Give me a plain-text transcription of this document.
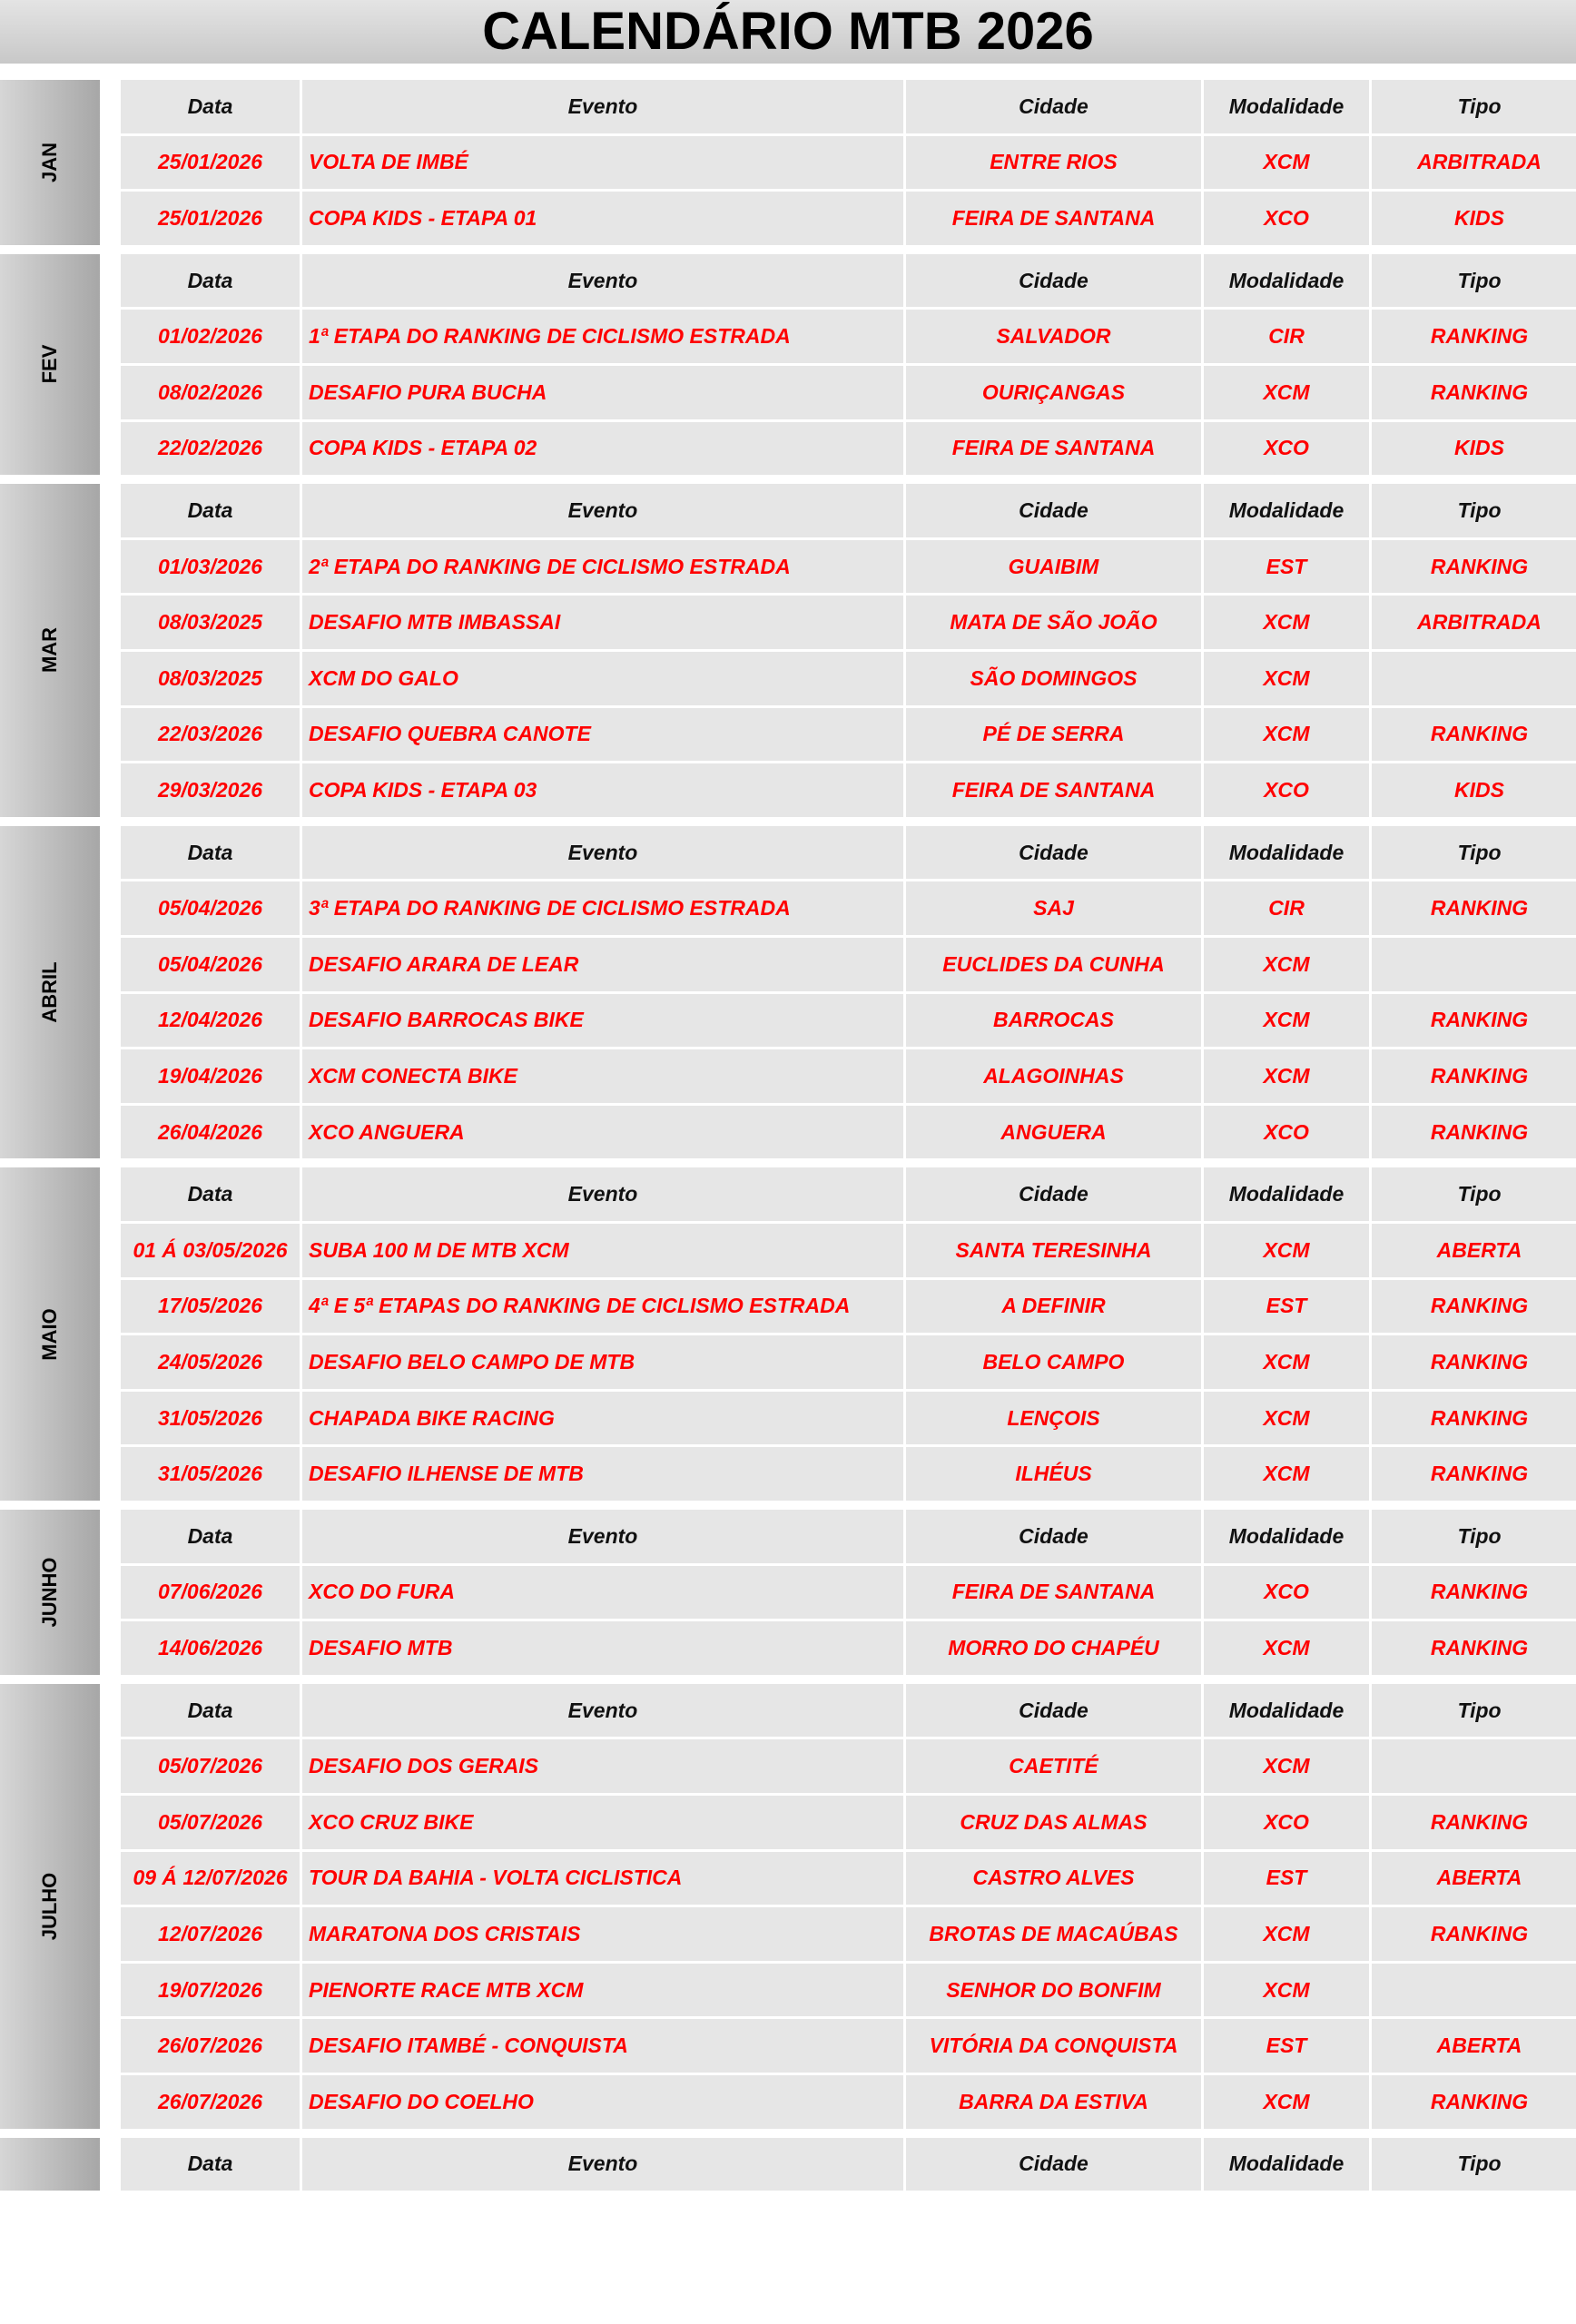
CALENDÁRIO MTB 2026
JAN
Data	Evento	Cidade	Modalidade	Tipo
25/01/2026	VOLTA DE IMBÉ	ENTRE RIOS	XCM	ARBITRADA
25/01/2026	COPA KIDS - ETAPA 01	FEIRA DE SANTANA	XCO	KIDS
FEV
Data	Evento	Cidade	Modalidade	Tipo
01/02/2026	1ª ETAPA DO RANKING DE CICLISMO ESTRADA	SALVADOR	CIR	RANKING
08/02/2026	DESAFIO PURA BUCHA	OURIÇANGAS	XCM	RANKING
22/02/2026	COPA KIDS - ETAPA 02	FEIRA DE SANTANA	XCO	KIDS
MAR
Data	Evento	Cidade	Modalidade	Tipo
01/03/2026	2ª ETAPA DO RANKING DE CICLISMO ESTRADA	GUAIBIM	EST	RANKING
08/03/2025	DESAFIO MTB IMBASSAI	MATA DE SÃO JOÃO	XCM	ARBITRADA
08/03/2025	XCM DO GALO	SÃO DOMINGOS	XCM
22/03/2026	DESAFIO QUEBRA CANOTE	PÉ DE SERRA	XCM	RANKING
29/03/2026	COPA KIDS - ETAPA 03	FEIRA DE SANTANA	XCO	KIDS
ABRIL
Data	Evento	Cidade	Modalidade	Tipo
05/04/2026	3ª ETAPA DO RANKING DE CICLISMO ESTRADA	SAJ	CIR	RANKING
05/04/2026	DESAFIO ARARA DE LEAR	EUCLIDES DA CUNHA	XCM
12/04/2026	DESAFIO BARROCAS BIKE	BARROCAS	XCM	RANKING
19/04/2026	XCM CONECTA BIKE	ALAGOINHAS	XCM	RANKING
26/04/2026	XCO ANGUERA	ANGUERA	XCO	RANKING
MAIO
Data	Evento	Cidade	Modalidade	Tipo
01 Á 03/05/2026	SUBA 100 M DE MTB XCM	SANTA TERESINHA	XCM	ABERTA
17/05/2026	4ª E 5ª ETAPAS DO RANKING DE CICLISMO ESTRADA	A DEFINIR	EST	RANKING
24/05/2026	DESAFIO BELO CAMPO DE MTB	BELO CAMPO	XCM	RANKING
31/05/2026	CHAPADA BIKE RACING	LENÇOIS	XCM	RANKING
31/05/2026	DESAFIO ILHENSE DE MTB	ILHÉUS	XCM	RANKING
JUNHO
Data	Evento	Cidade	Modalidade	Tipo
07/06/2026	XCO DO FURA	FEIRA DE SANTANA	XCO	RANKING
14/06/2026	DESAFIO MTB	MORRO DO CHAPÉU	XCM	RANKING
JULHO
Data	Evento	Cidade	Modalidade	Tipo
05/07/2026	DESAFIO DOS GERAIS	CAETITÉ	XCM
05/07/2026	XCO CRUZ BIKE	CRUZ DAS ALMAS	XCO	RANKING
09 Á 12/07/2026	TOUR DA BAHIA - VOLTA CICLISTICA	CASTRO ALVES	EST	ABERTA
12/07/2026	MARATONA DOS CRISTAIS	BROTAS DE MACAÚBAS	XCM	RANKING
19/07/2026	PIENORTE RACE MTB XCM	SENHOR DO BONFIM	XCM
26/07/2026	DESAFIO ITAMBÉ - CONQUISTA	VITÓRIA DA CONQUISTA	EST	ABERTA
26/07/2026	DESAFIO DO COELHO	BARRA DA ESTIVA	XCM	RANKING
Data	Evento	Cidade	Modalidade	Tipo
